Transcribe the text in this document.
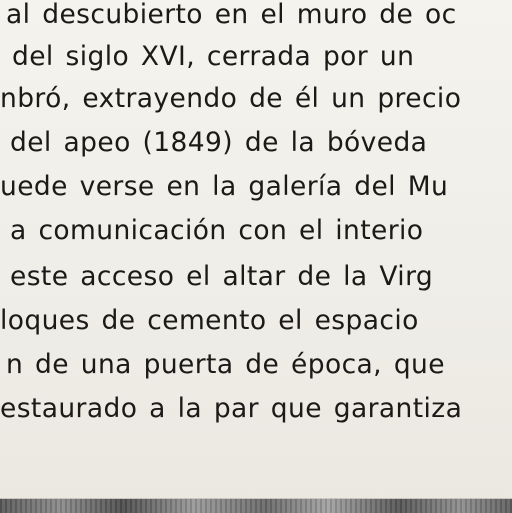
al descubierto en el muro de oc
del siglo XVI, cerrada por un
nbró, extrayendo de él un precio
del apeo (1849) de la bóveda
uede verse en la galería del Mu
a comunicación con el interio
este acceso el altar de la Virg
loques de cemento el espacio
n de una puerta de época, que
estaurado a la par que garantiza
